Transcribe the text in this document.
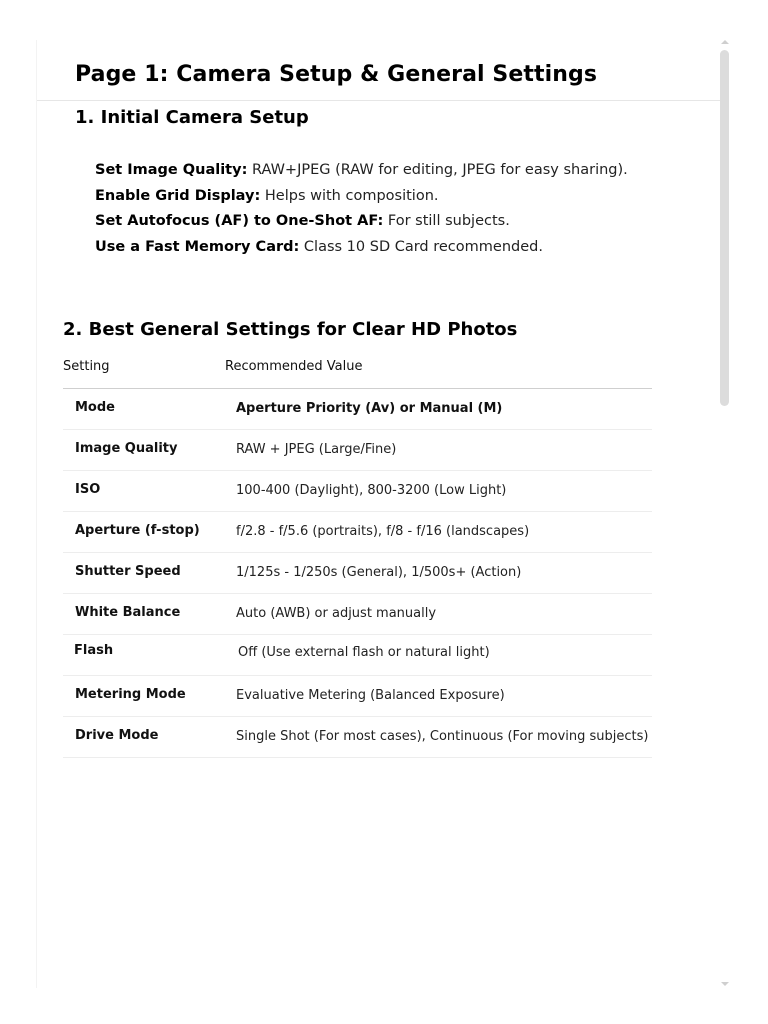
Page 1: Camera Setup & General Settings
1. Initial Camera Setup
Set Image Quality: RAW+JPEG (RAW for editing, JPEG for easy sharing).
Enable Grid Display: Helps with composition.
Set Autofocus (AF) to One-Shot AF: For still subjects.
Use a Fast Memory Card: Class 10 SD Card recommended.
2. Best General Settings for Clear HD Photos
Setting	Recommended Value
Mode	Aperture Priority (Av) or Manual (M)
Image Quality	RAW + JPEG (Large/Fine)
ISO	100-400 (Daylight), 800-3200 (Low Light)
Aperture (f-stop)	f/2.8 - f/5.6 (portraits), f/8 - f/16 (landscapes)
Shutter Speed	1/125s - 1/250s (General), 1/500s+ (Action)
White Balance	Auto (AWB) or adjust manually
Flash	Off (Use external flash or natural light)
Metering Mode	Evaluative Metering (Balanced Exposure)
Drive Mode	Single Shot (For most cases), Continuous (For moving subjects)
